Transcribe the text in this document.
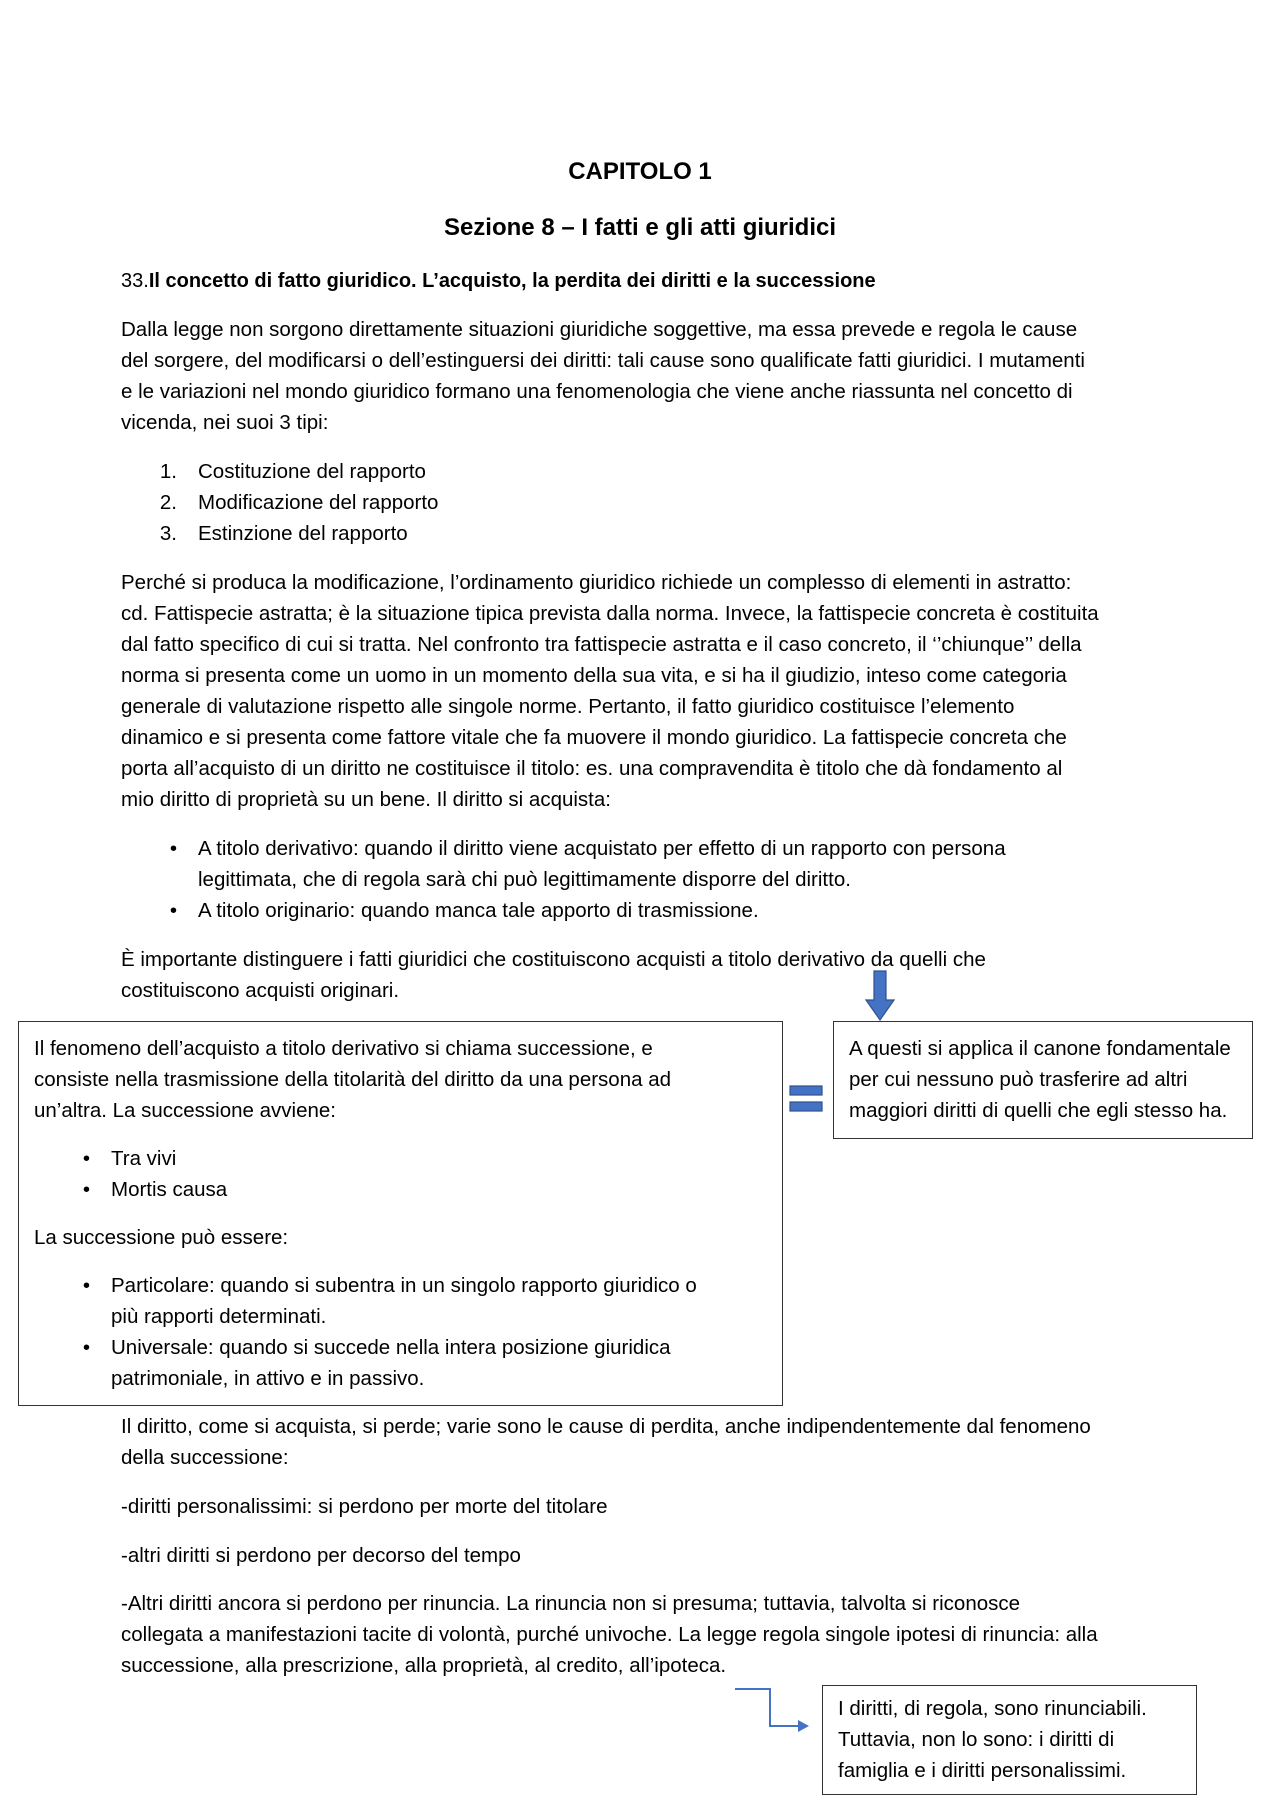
CAPITOLO 1
Sezione 8 – I fatti e gli atti giuridici
33.Il concetto di fatto giuridico. L’acquisto, la perdita dei diritti e la successione
Dalla legge non sorgono direttamente situazioni giuridiche soggettive, ma essa prevede e regola le cause
del sorgere, del modificarsi o dell’estinguersi dei diritti: tali cause sono qualificate fatti giuridici. I mutamenti
e le variazioni nel mondo giuridico formano una fenomenologia che viene anche riassunta nel concetto di
vicenda, nei suoi 3 tipi:
1. Costituzione del rapporto
2. Modificazione del rapporto
3. Estinzione del rapporto
Perché si produca la modificazione, l’ordinamento giuridico richiede un complesso di elementi in astratto:
cd. Fattispecie astratta; è la situazione tipica prevista dalla norma. Invece, la fattispecie concreta è costituita
dal fatto specifico di cui si tratta. Nel confronto tra fattispecie astratta e il caso concreto, il ‘’chiunque’’ della
norma si presenta come un uomo in un momento della sua vita, e si ha il giudizio, inteso come categoria
generale di valutazione rispetto alle singole norme. Pertanto, il fatto giuridico costituisce l’elemento
dinamico e si presenta come fattore vitale che fa muovere il mondo giuridico. La fattispecie concreta che
porta all’acquisto di un diritto ne costituisce il titolo: es. una compravendita è titolo che dà fondamento al
mio diritto di proprietà su un bene. Il diritto si acquista:
• A titolo derivativo: quando il diritto viene acquistato per effetto di un rapporto con persona
legittimata, che di regola sarà chi può legittimamente disporre del diritto.
• A titolo originario: quando manca tale apporto di trasmissione.
È importante distinguere i fatti giuridici che costituiscono acquisti a titolo derivativo da quelli che
costituiscono acquisti originari.
Il fenomeno dell’acquisto a titolo derivativo si chiama successione, e
consiste nella trasmissione della titolarità del diritto da una persona ad
un’altra. La successione avviene:
• Tra vivi
• Mortis causa
La successione può essere:
• Particolare: quando si subentra in un singolo rapporto giuridico o
più rapporti determinati.
• Universale: quando si succede nella intera posizione giuridica
patrimoniale, in attivo e in passivo.
A questi si applica il canone fondamentale
per cui nessuno può trasferire ad altri
maggiori diritti di quelli che egli stesso ha.
Il diritto, come si acquista, si perde; varie sono le cause di perdita, anche indipendentemente dal fenomeno
della successione:
-diritti personalissimi: si perdono per morte del titolare
-altri diritti si perdono per decorso del tempo
-Altri diritti ancora si perdono per rinuncia. La rinuncia non si presuma; tuttavia, talvolta si riconosce
collegata a manifestazioni tacite di volontà, purché univoche. La legge regola singole ipotesi di rinuncia: alla
successione, alla prescrizione, alla proprietà, al credito, all’ipoteca.
I diritti, di regola, sono rinunciabili.
Tuttavia, non lo sono: i diritti di
famiglia e i diritti personalissimi.
